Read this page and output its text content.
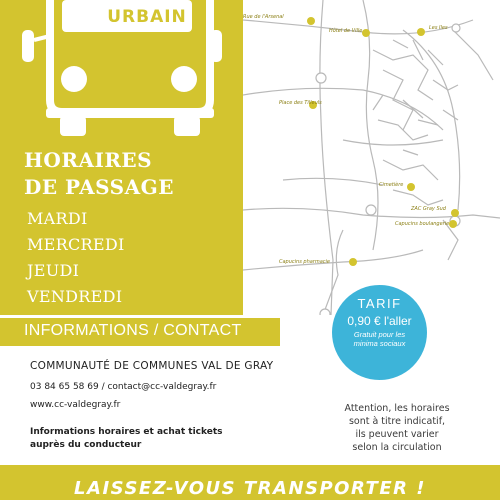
URBAIN
HORAIRES
DE PASSAGE
MARDI
MERCREDI
JEUDI
VENDREDI
Rue de l'Arsenal
Hôtel de Ville	Les Iles
Place des Tilleuls
Cimetière
ZAC Gray Sud
Capucins boulangerie
Capucins pharmacie
INFORMATIONS / CONTACT
COMMUNAUTÉ DE COMMUNES VAL DE GRAY
03 84 65 58 69 / contact@cc-valdegray.fr
www.cc-valdegray.fr
Informations horaires et achat tickets
auprès du conducteur
TARIF
0,90 € l'aller
Gratuit pour les minima sociaux
Attention, les horaires
sont à titre indicatif,
ils peuvent varier
selon la circulation
LAISSEZ-VOUS TRANSPORTER !
